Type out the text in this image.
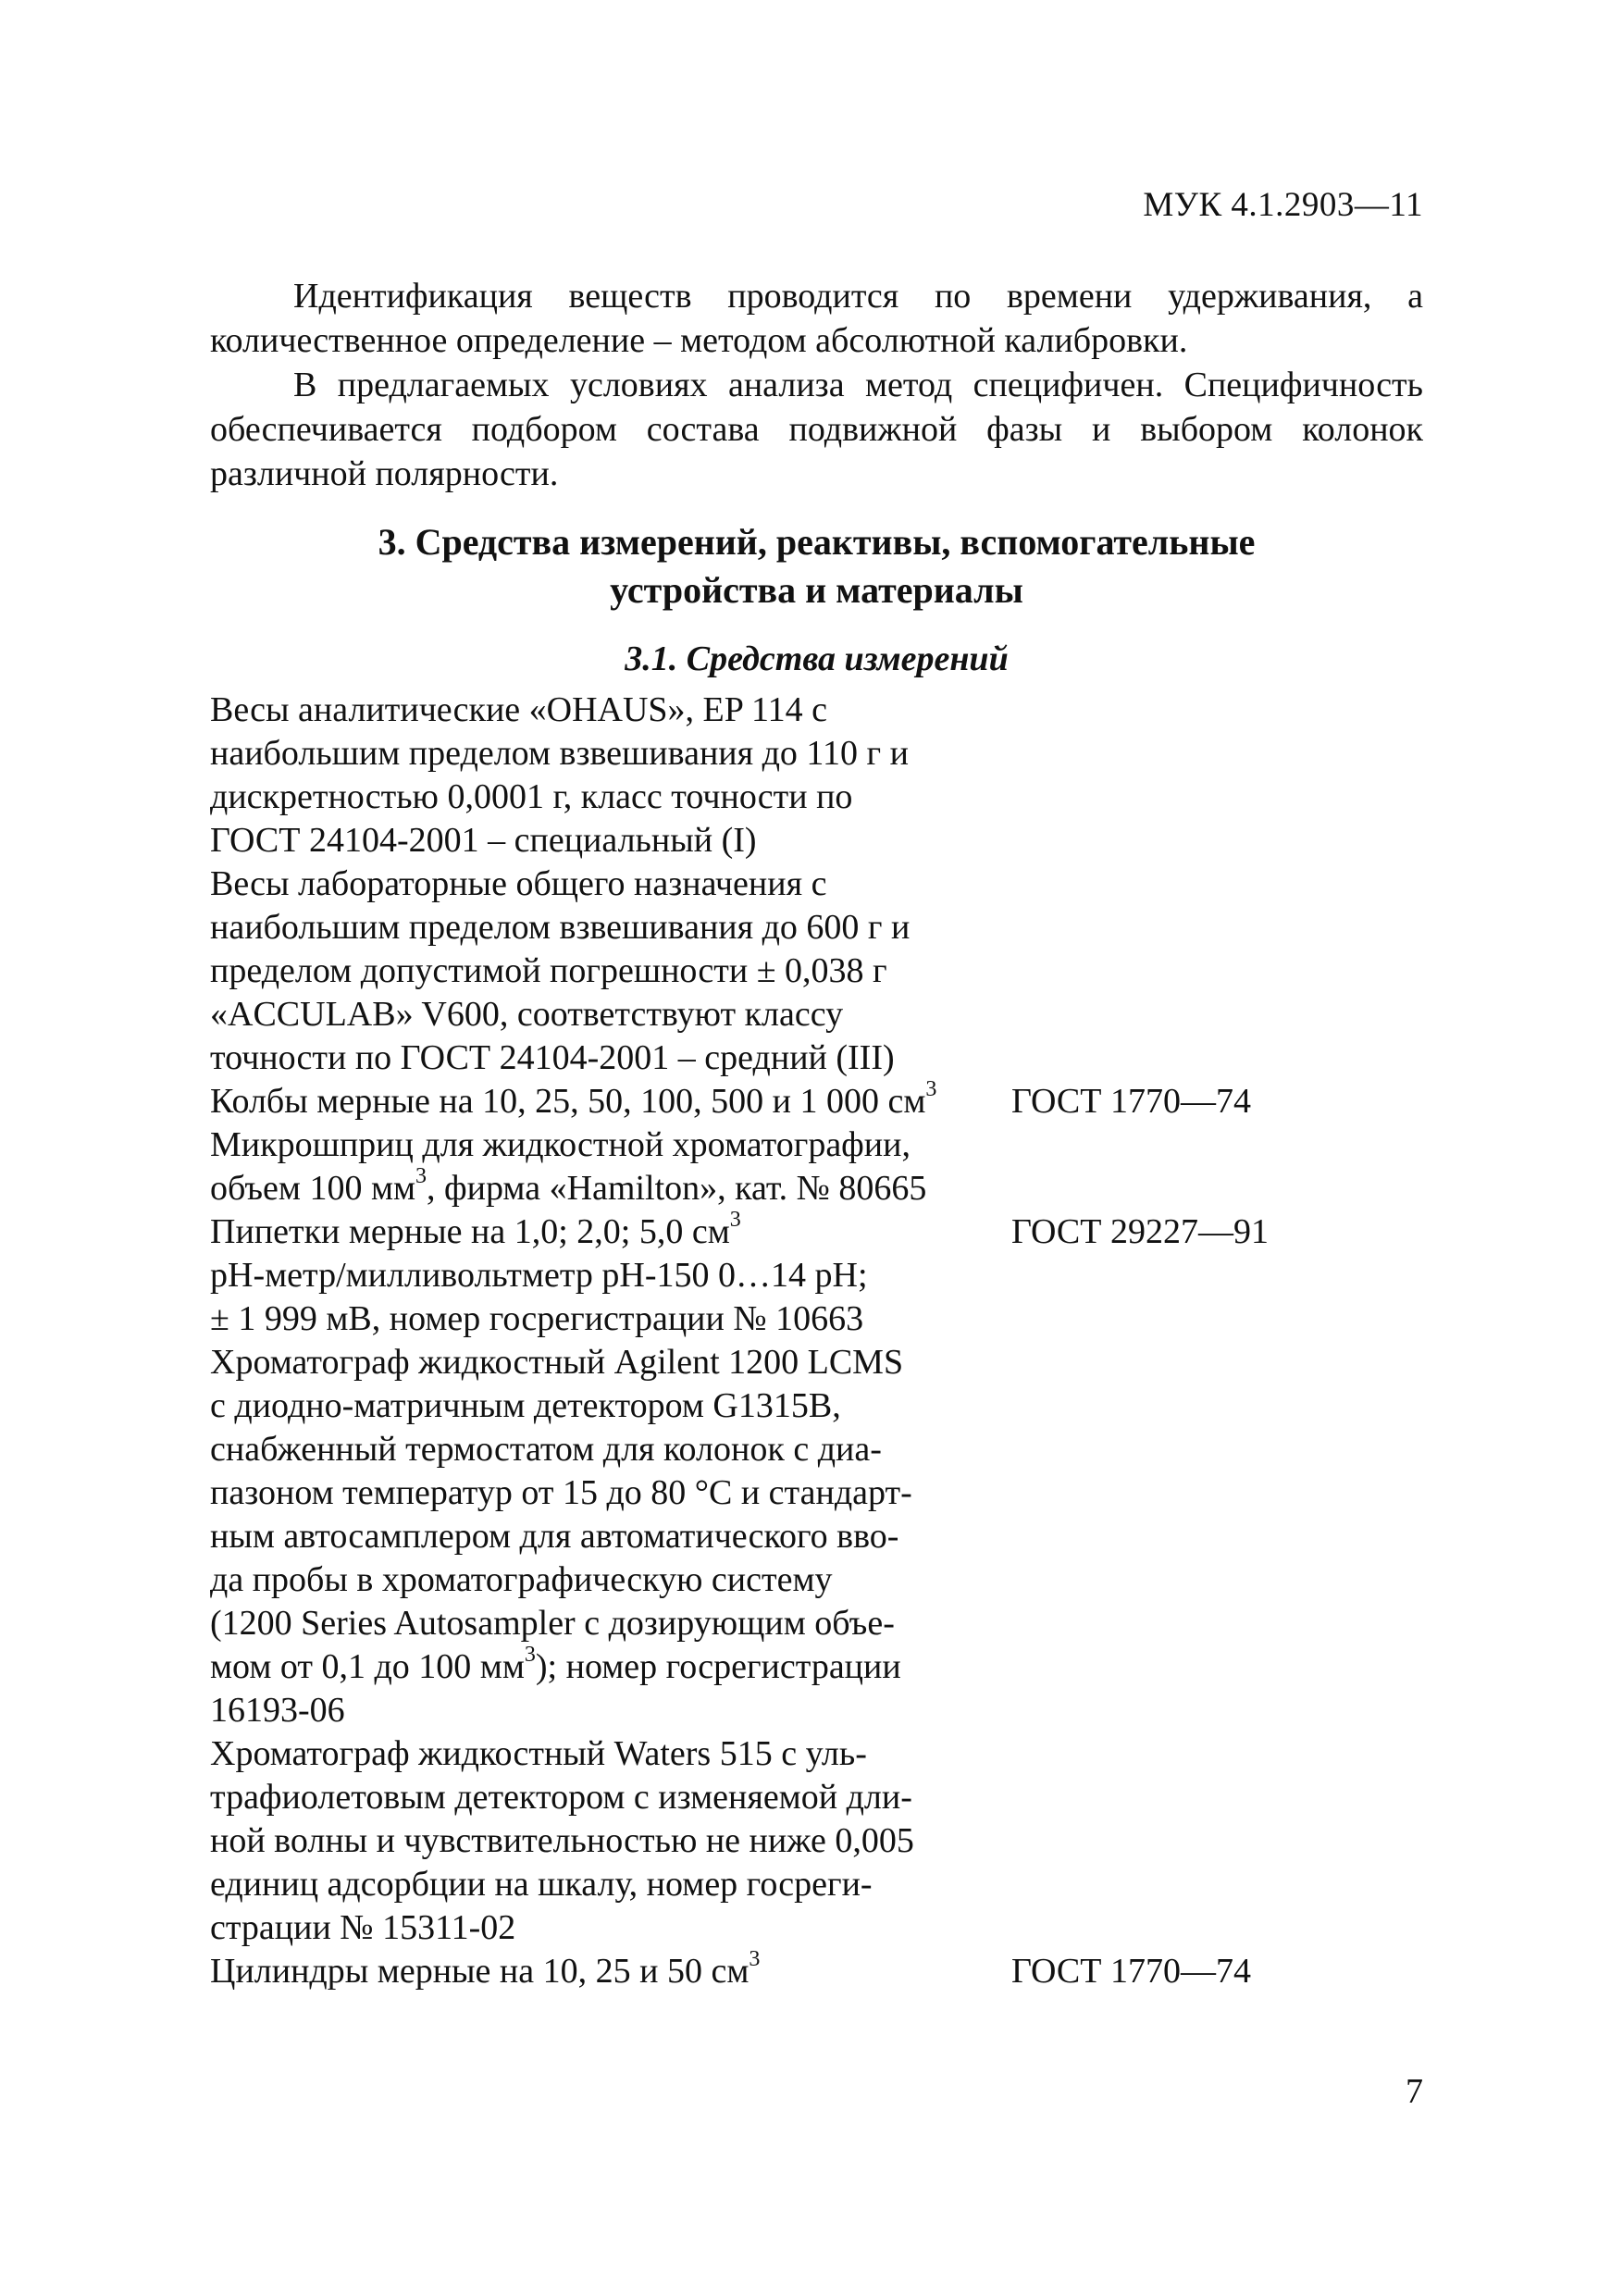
МУК 4.1.2903—11
Идентификация веществ проводится по времени удерживания, а количественное определение – методом абсолютной калибровки.
В предлагаемых условиях анализа метод специфичен. Специфичность обеспечивается подбором состава подвижной фазы и выбором колонок различной полярности.
3. Средства измерений, реактивы, вспомогательные
устройства и материалы
3.1. Средства измерений
Весы аналитические «OHAUS», EP 114 с
наибольшим пределом взвешивания до 110 г и
дискретностью 0,0001 г, класс точности по
ГОСТ 24104-2001 – специальный (I)
Весы лабораторные общего назначения с
наибольшим пределом взвешивания до 600 г и
пределом допустимой погрешности ± 0,038 г
«ACCULAB» V600, соответствуют классу
точности по ГОСТ 24104-2001 – средний (III)
Колбы мерные на 10, 25, 50, 100, 500 и 1 000 $см^3$	ГОСТ 1770—74
Микрошприц для жидкостной хроматографии,
объем 100 $мм^3$, фирма «Hamilton», кат. № 80665
Пипетки мерные на 1,0; 2,0; 5,0 $см^3$	ГОСТ 29227—91
pH-метр/милливольтметр pH-150 0…14 pH;
± 1 999 мВ, номер госрегистрации № 10663
Хроматограф жидкостный Agilent 1200 LCMS
с диодно-матричным детектором G1315B,
снабженный термостатом для колонок с диа-
пазоном температур от 15 до 80 °C и стандарт-
ным автосамплером для автоматического вво-
да пробы в хроматографическую систему
(1200 Series Autosampler с дозирующим объе-
мом от 0,1 до 100 $мм^3$); номер госрегистрации
16193-06
Хроматограф жидкостный Waters 515 с уль-
трафиолетовым детектором с изменяемой дли-
ной волны и чувствительностью не ниже 0,005
единиц адсорбции на шкалу, номер госреги-
страции № 15311-02
Цилиндры мерные на 10, 25 и 50 $см^3$	ГОСТ 1770—74
7
